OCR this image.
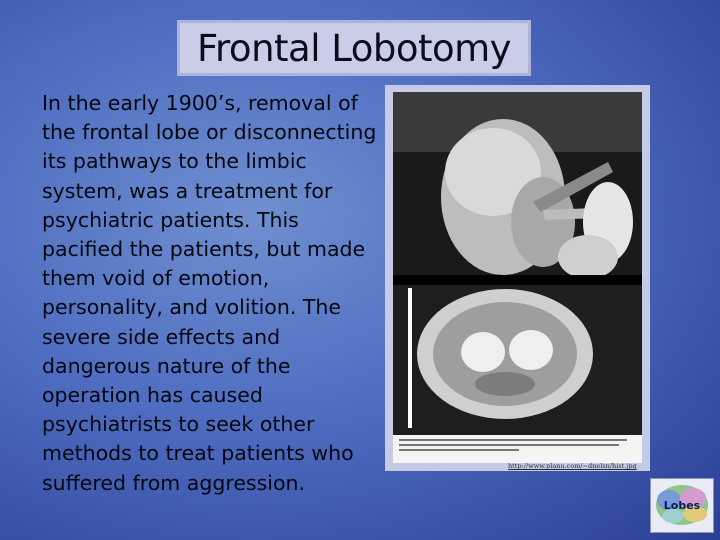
Frontal Lobotomy

In the early 1900’s, removal of the frontal lobe or disconnecting its pathways to the limbic system, was a treatment for psychiatric patients. This pacified the patients, but made them void of emotion, personality, and volition. The severe side effects and dangerous nature of the operation has caused psychiatrists to seek other methods to treat patients who suffered from aggression.

http://www.planu.com/~dnelsn/hist.jpg
Lobes
.
